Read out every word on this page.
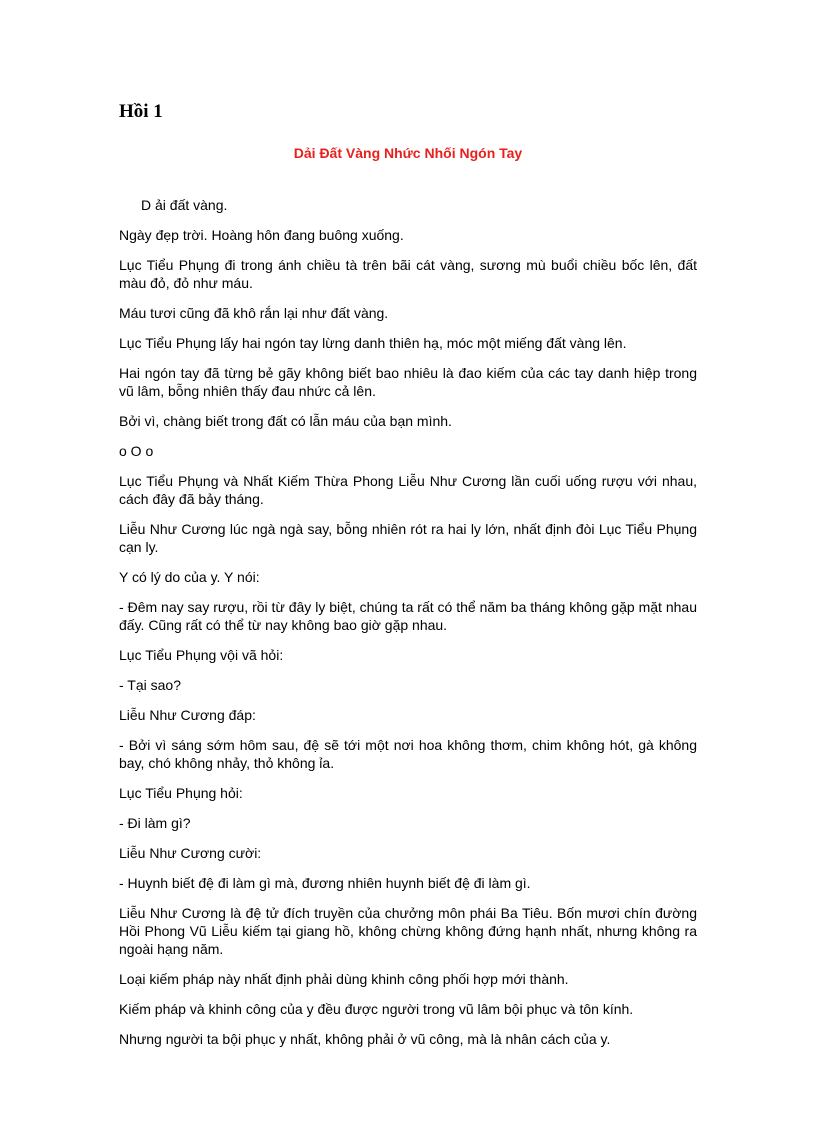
Hồi 1
Dải Đất Vàng Nhức Nhối Ngón Tay

D ải đất vàng.

Ngày đẹp trời. Hoàng hôn đang buông xuống.

Lục Tiểu Phụng đi trong ánh chiều tà trên bãi cát vàng, sương mù buổi chiều bốc lên, đất màu đỏ, đỏ như máu.

Máu tươi cũng đã khô rắn lại như đất vàng.

Lục Tiểu Phụng lấy hai ngón tay lừng danh thiên hạ, móc một miếng đất vàng lên.

Hai ngón tay đã từng bẻ gãy không biết bao nhiêu là đao kiếm của các tay danh hiệp trong vũ lâm, bỗng nhiên thấy đau nhức cả lên.

Bởi vì, chàng biết trong đất có lẫn máu của bạn mình.

o O o

Lục Tiểu Phụng và Nhất Kiếm Thừa Phong Liễu Như Cương lần cuối uống rượu với nhau, cách đây đã bảy tháng.

Liễu Như Cương lúc ngà ngà say, bỗng nhiên rót ra hai ly lớn, nhất định đòi Lục Tiểu Phụng cạn ly.

Y có lý do của y. Y nói:

- Đêm nay say rượu, rồi từ đây ly biệt, chúng ta rất có thể năm ba tháng không gặp mặt nhau đấy. Cũng rất có thể từ nay không bao giờ gặp nhau.

Lục Tiểu Phụng vội vã hỏi:

- Tại sao?

Liễu Như Cương đáp:

- Bởi vì sáng sớm hôm sau, đệ sẽ tới một nơi hoa không thơm, chim không hót, gà không bay, chó không nhảy, thỏ không ỉa.

Lục Tiểu Phụng hỏi:

- Đi làm gì?

Liễu Như Cương cười:

- Huynh biết đệ đi làm gì mà, đương nhiên huynh biết đệ đi làm gì.

Liễu Như Cương là đệ tử đích truyền của chưởng môn phái Ba Tiêu. Bốn mươi chín đường Hồi Phong Vũ Liễu kiếm tại giang hồ, không chừng không đứng hạnh nhất, nhưng không ra ngoài hạng năm.

Loại kiếm pháp này nhất định phải dùng khinh công phối hợp mới thành.

Kiếm pháp và khinh công của y đều được người trong vũ lâm bội phục và tôn kính.

Nhưng người ta bội phục y nhất, không phải ở vũ công, mà là nhân cách của y.
